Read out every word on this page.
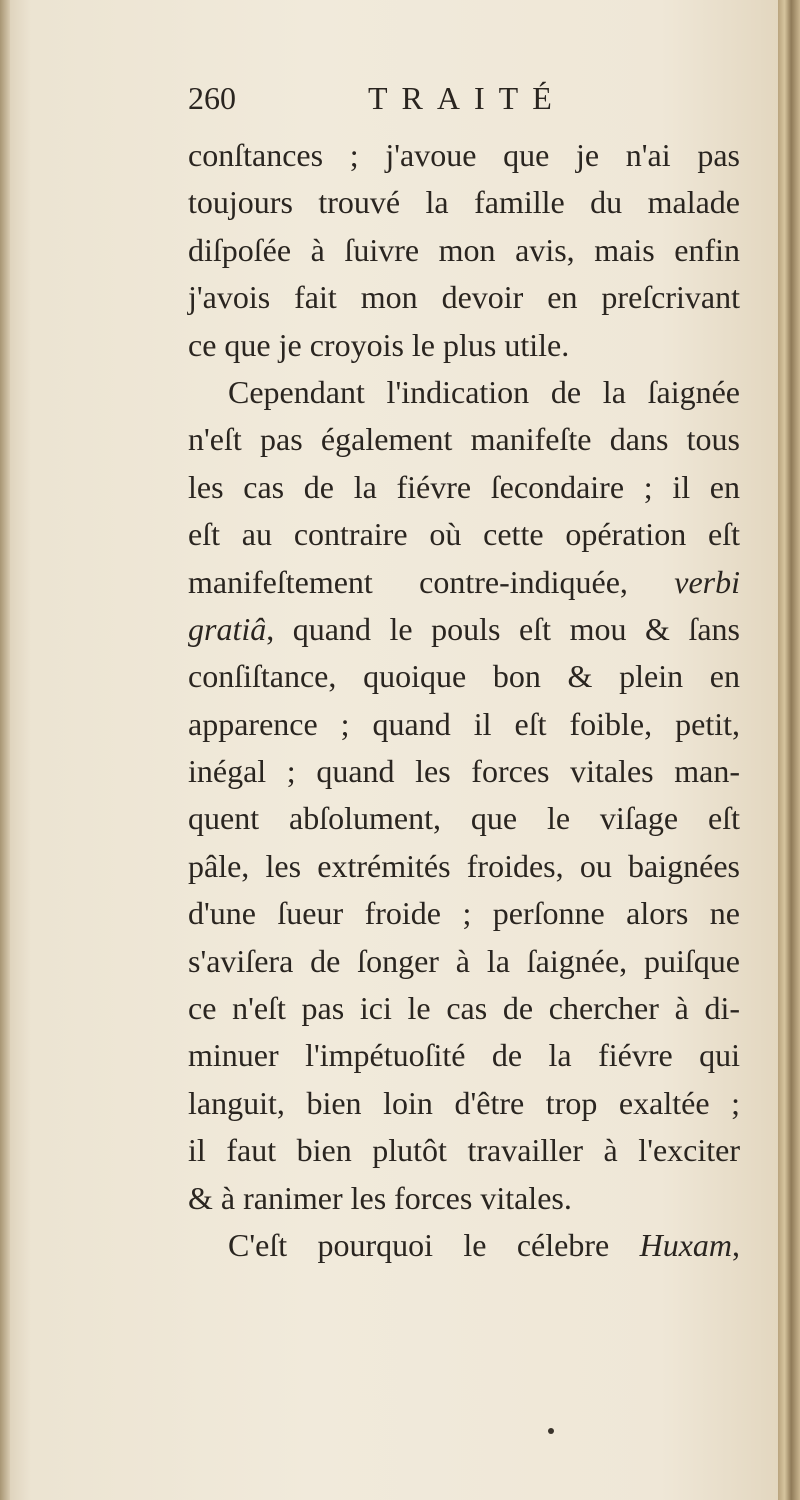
260	TRAITÉ
conſtances ; j'avoue que je n'ai pas
toujours trouvé la famille du malade
diſpoſée à ſuivre mon avis, mais enfin
j'avois fait mon devoir en preſcrivant
ce que je croyois le plus utile.
Cependant l'indication de la ſaignée
n'eſt pas également manifeſte dans tous
les cas de la fiévre ſecondaire ; il en
eſt au contraire où cette opération eſt
manifeſtement contre-indiquée, verbi
gratiâ, quand le pouls eſt mou & ſans
conſiſtance, quoique bon & plein en
apparence ; quand il eſt foible, petit,
inégal ; quand les forces vitales man-
quent abſolument, que le viſage eſt
pâle, les extrémités froides, ou baignées
d'une ſueur froide ; perſonne alors ne
s'aviſera de ſonger à la ſaignée, puiſque
ce n'eſt pas ici le cas de chercher à di-
minuer l'impétuoſité de la fiévre qui
languit, bien loin d'être trop exaltée ;
il faut bien plutôt travailler à l'exciter
& à ranimer les forces vitales.
C'eſt pourquoi le célebre Huxam,
